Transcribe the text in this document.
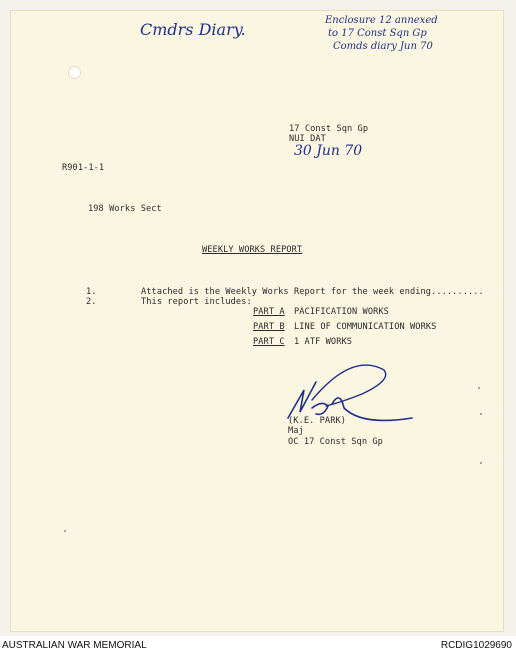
Cmdrs Diary.	Enclosure 12 annexed
to 17 Const Sqn Gp
Comds diary Jun 70
17 Const Sqn Gp
NUI DAT
30 Jun 70
R901-1-1
198 Works Sect
WEEKLY WORKS REPORT
1.	Attached is the Weekly Works Report for the week ending..........
2.	This report includes:
PART A PACIFICATION WORKS
PART B LINE OF COMMUNICATION WORKS
PART C 1 ATF WORKS
(K.E. PARK)
Maj
OC 17 Const Sqn Gp
AUSTRALIAN WAR MEMORIAL	RCDIG1029690
